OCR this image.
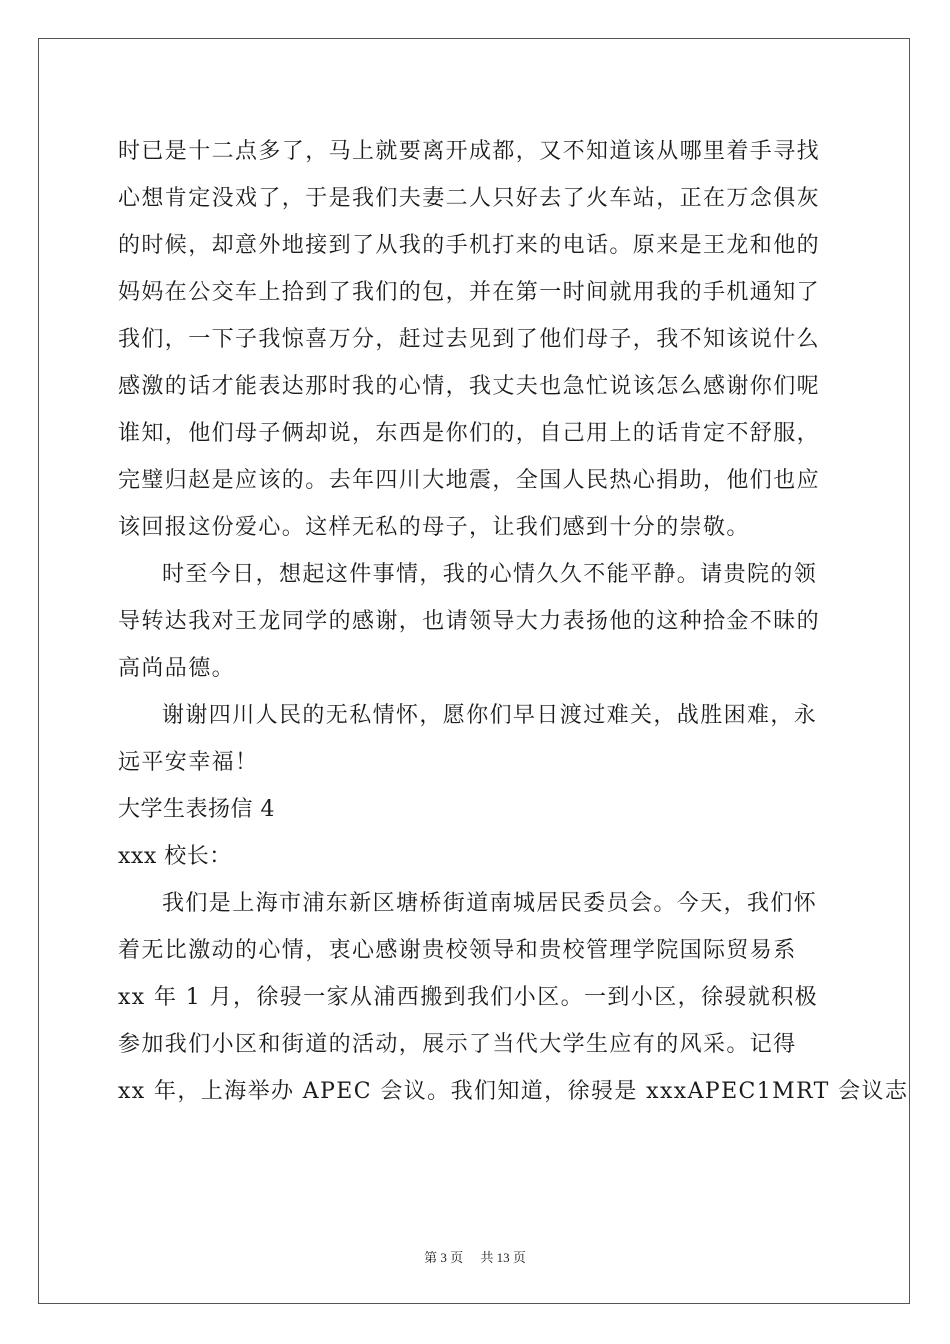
时已是十二点多了，马上就要离开成都，又不知道该从哪里着手寻找
心想肯定没戏了，于是我们夫妻二人只好去了火车站，正在万念俱灰
的时候，却意外地接到了从我的手机打来的电话。原来是王龙和他的
妈妈在公交车上拾到了我们的包，并在第一时间就用我的手机通知了
我们，一下子我惊喜万分，赶过去见到了他们母子，我不知该说什么
感激的话才能表达那时我的心情，我丈夫也急忙说该怎么感谢你们呢
谁知，他们母子俩却说，东西是你们的，自己用上的话肯定不舒服，
完璧归赵是应该的。去年四川大地震，全国人民热心捐助，他们也应
该回报这份爱心。这样无私的母子，让我们感到十分的崇敬。
时至今日，想起这件事情，我的心情久久不能平静。请贵院的领
导转达我对王龙同学的感谢，也请领导大力表扬他的这种拾金不昧的
高尚品德。
谢谢四川人民的无私情怀，愿你们早日渡过难关，战胜困难，永
远平安幸福！
大学生表扬信 4
xxx 校长：
我们是上海市浦东新区塘桥街道南城居民委员会。今天，我们怀
着无比激动的心情，衷心感谢贵校领导和贵校管理学院国际贸易系
xx 年 1 月，徐骎一家从浦西搬到我们小区。一到小区，徐骎就积极
参加我们小区和街道的活动，展示了当代大学生应有的风采。记得
xx 年，上海举办 APEC 会议。我们知道，徐骎是 xxxAPEC1MRT 会议志
第 3 页 共 13 页
